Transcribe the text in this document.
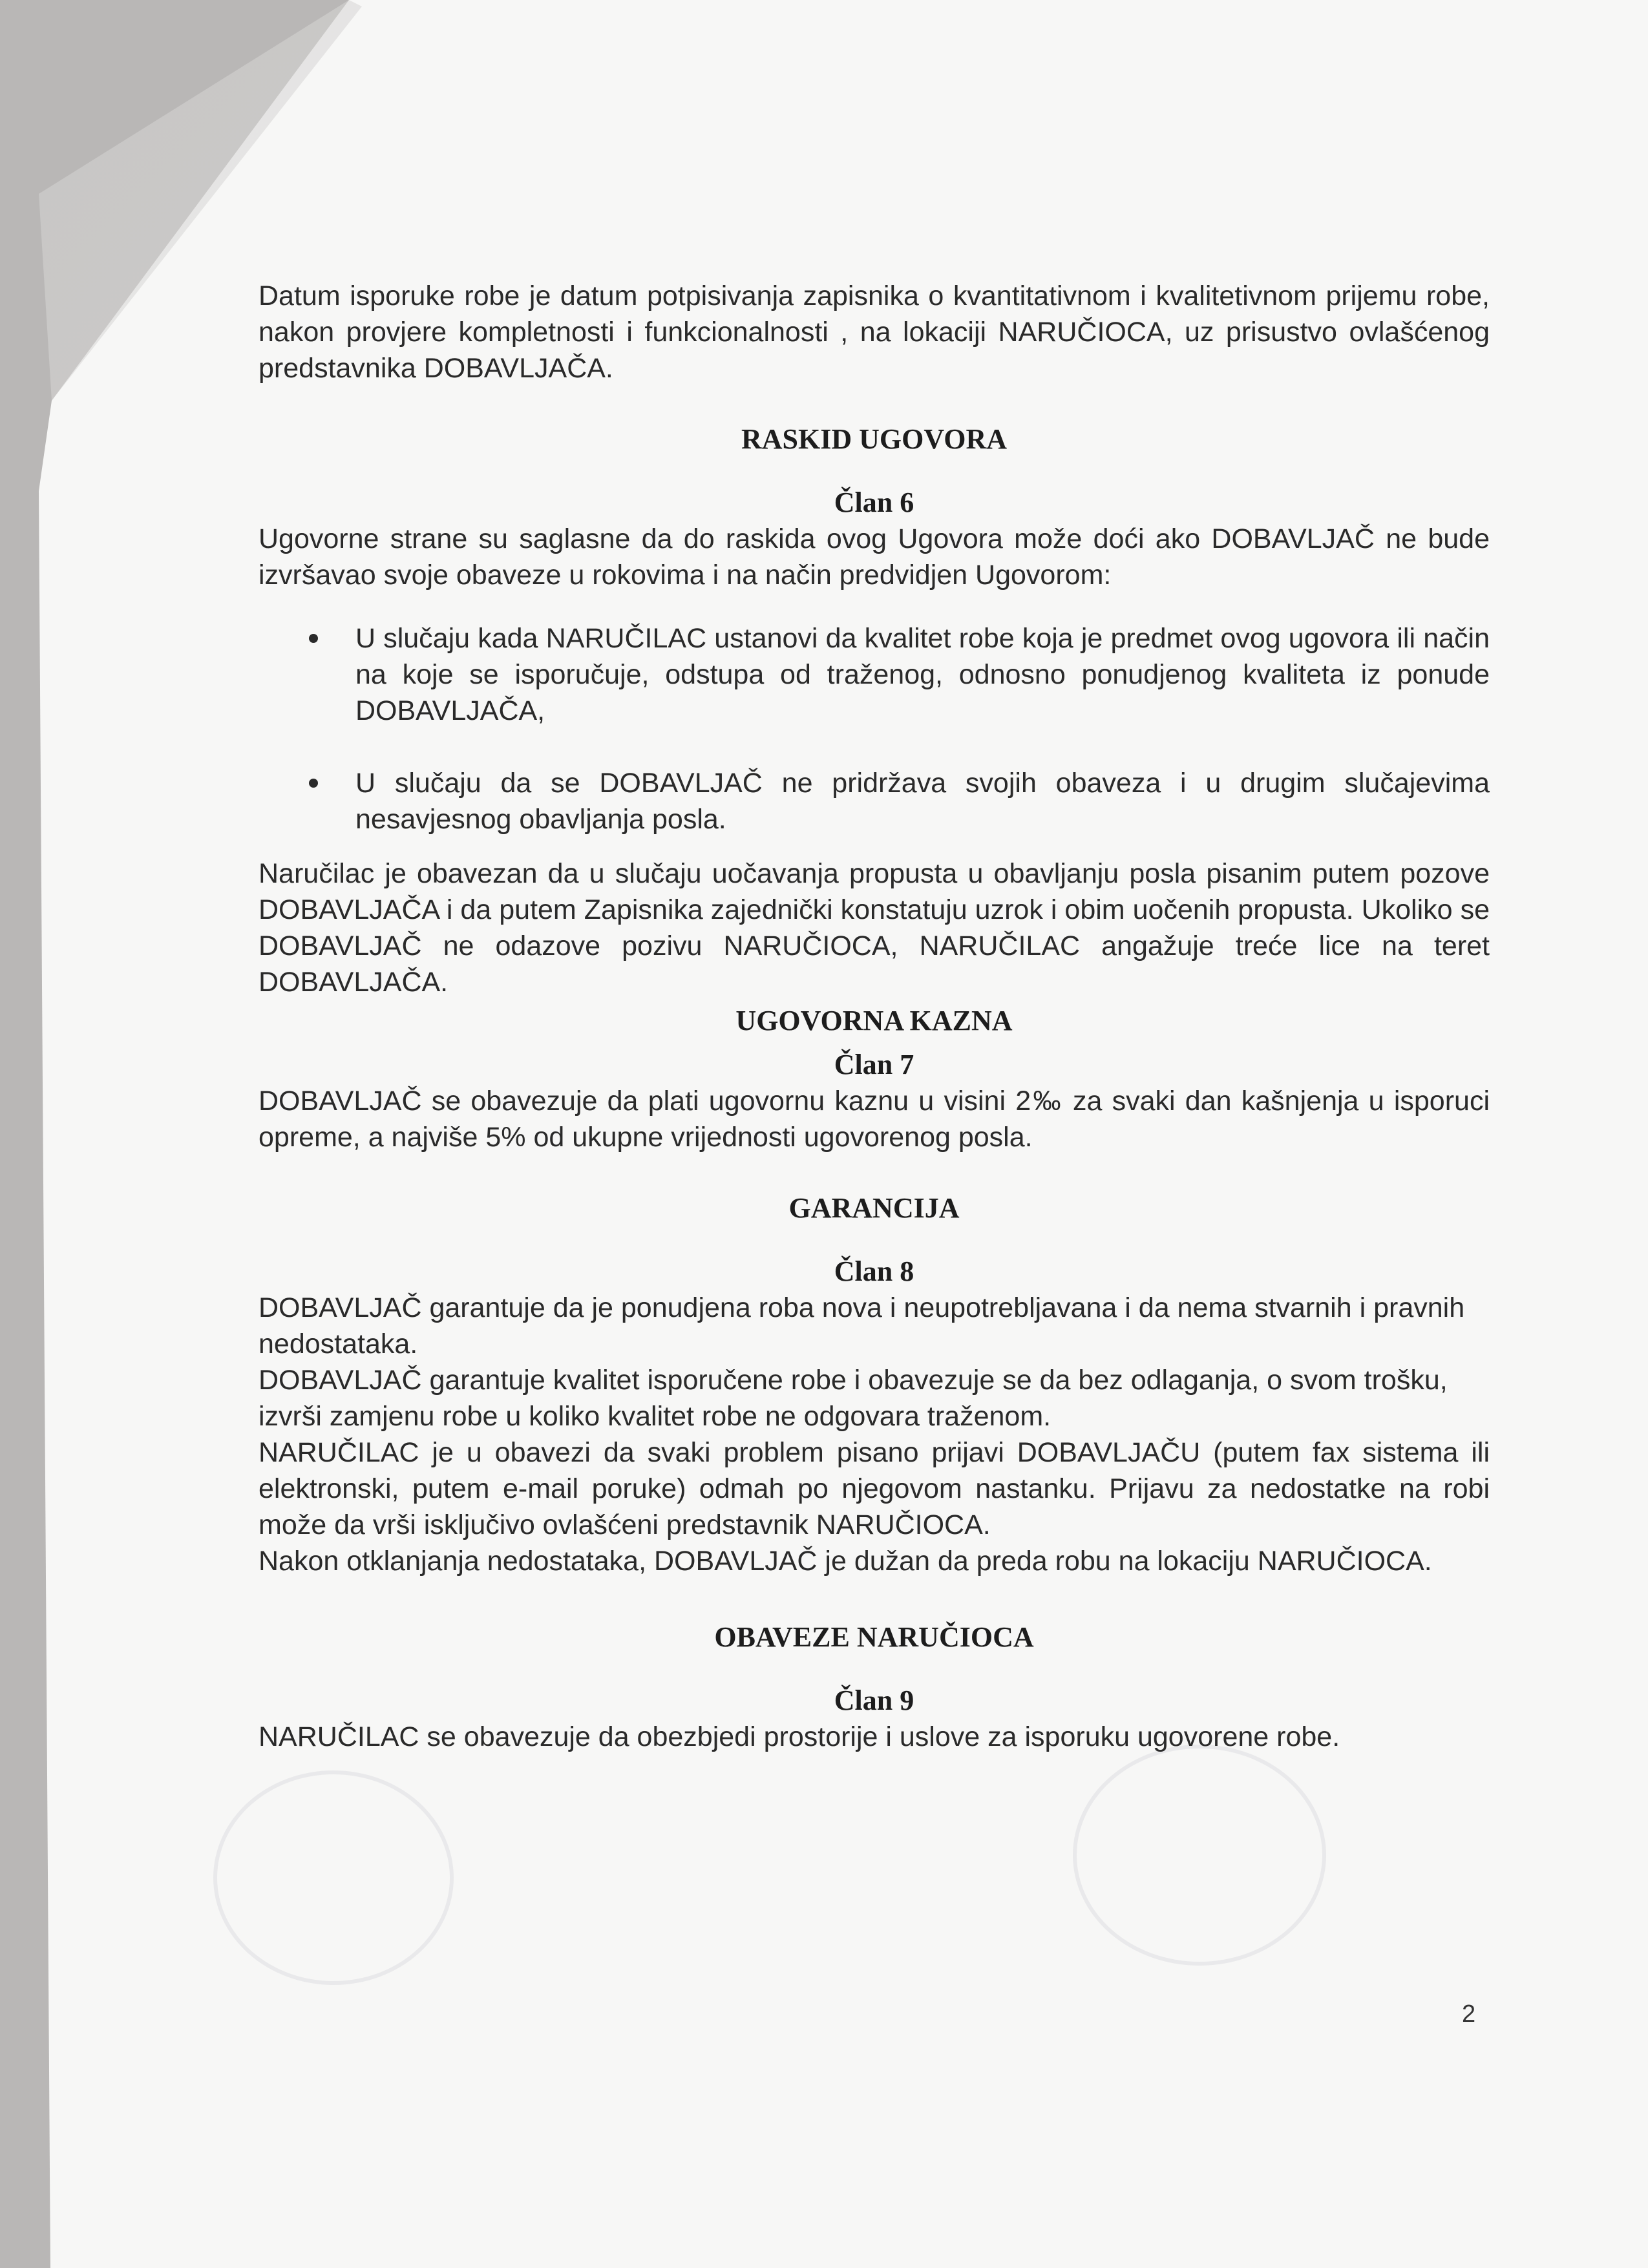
Datum isporuke robe je datum potpisivanja zapisnika o kvantitativnom i kvalitetivnom prijemu robe, nakon provjere kompletnosti i funkcionalnosti , na lokaciji NARUČIOCA, uz prisustvo ovlašćenog predstavnika DOBAVLJAČA.

RASKID UGOVORA

Član 6

Ugovorne strane su saglasne da do raskida ovog Ugovora može doći ako DOBAVLJAČ ne bude izvršavao svoje obaveze u rokovima i na način predvidjen Ugovorom:

U slučaju kada NARUČILAC ustanovi da kvalitet robe koja je predmet ovog ugovora ili način na koje se isporučuje, odstupa od traženog, odnosno ponudjenog kvaliteta iz ponude DOBAVLJAČA,
U slučaju da se DOBAVLJAČ ne pridržava svojih obaveza i u drugim slučajevima nesavjesnog obavljanja posla.

Naručilac je obavezan da u slučaju uočavanja propusta u obavljanju posla pisanim putem pozove DOBAVLJAČA i da putem Zapisnika zajednički konstatuju uzrok i obim uočenih propusta. Ukoliko se DOBAVLJAČ ne odazove pozivu NARUČIOCA, NARUČILAC angažuje treće lice na teret DOBAVLJAČA.

UGOVORNA KAZNA

Član 7

DOBAVLJAČ se obavezuje da plati ugovornu kaznu u visini 2‰ za svaki dan kašnjenja u isporuci opreme, a najviše 5% od ukupne vrijednosti ugovorenog posla.

GARANCIJA

Član 8

DOBAVLJAČ garantuje da je ponudjena roba nova i neupotrebljavana i da nema stvarnih i pravnih nedostataka.

DOBAVLJAČ garantuje kvalitet isporučene robe i obavezuje se da bez odlaganja, o svom trošku, izvrši zamjenu robe u koliko kvalitet robe ne odgovara traženom.

NARUČILAC je u obavezi da svaki problem pisano prijavi DOBAVLJAČU (putem fax sistema ili elektronski, putem e-mail poruke) odmah po njegovom nastanku. Prijavu za nedostatke na robi može da vrši isključivo ovlašćeni predstavnik NARUČIOCA.

Nakon otklanjanja nedostataka, DOBAVLJAČ je dužan da preda robu na lokaciju NARUČIOCA.

OBAVEZE NARUČIOCA

Član 9

NARUČILAC se obavezuje da obezbjedi prostorije i uslove za isporuku ugovorene robe.

2
